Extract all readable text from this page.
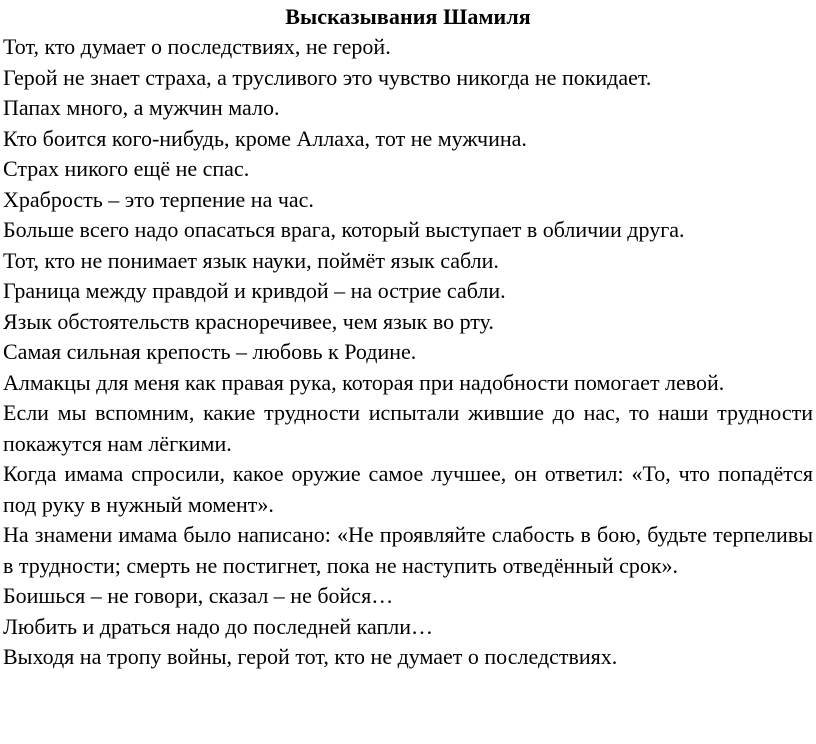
Высказывания Шамиля
Тот, кто думает о последствиях, не герой.
Герой не знает страха, а трусливого это чувство никогда не покидает.
Папах много, а мужчин мало.
Кто боится кого-нибудь, кроме Аллаха, тот не мужчина.
Страх никого ещё не спас.
Храбрость – это терпение на час.
Больше всего надо опасаться врага, который выступает в обличии друга.
Тот, кто не понимает язык науки, поймёт язык сабли.
Граница между правдой и кривдой – на острие сабли.
Язык обстоятельств красноречивее, чем язык во рту.
Самая сильная крепость – любовь к Родине.
Алмакцы для меня как правая рука, которая при надобности помогает левой.
Если мы вспомним, какие трудности испытали жившие до нас, то наши трудности покажутся нам лёгкими.
Когда имама спросили, какое оружие самое лучшее, он ответил: «То, что попадётся под руку в нужный момент».
На знамени имама было написано: «Не проявляйте слабость в бою, будьте терпеливы в трудности; смерть не постигнет, пока не наступить отведённый срок».
Боишься – не говори, сказал – не бойся…
Любить и драться надо до последней капли…
Выходя на тропу войны, герой тот, кто не думает о последствиях.
